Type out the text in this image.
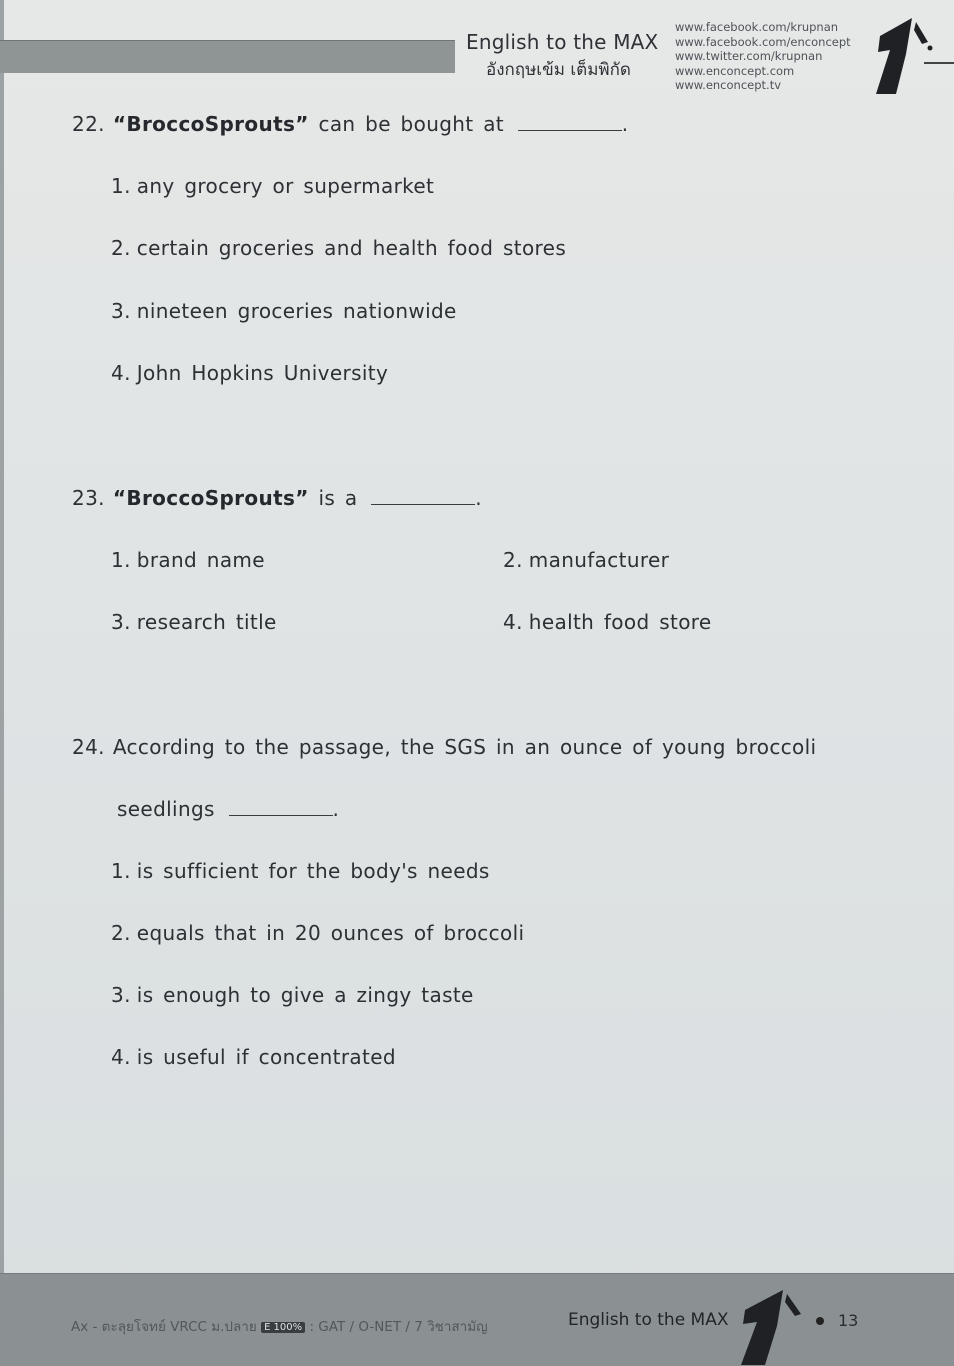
English to the MAX
อังกฤษเข้ม เต็มพิกัด
www.facebook.com/krupnan
www.facebook.com/enconcept
www.twitter.com/krupnan
www.enconcept.com
www.enconcept.tv
22. “BroccoSprouts” can be bought at	.
1. any grocery or supermarket
2. certain groceries and health food stores
3. nineteen groceries nationwide
4. John Hopkins University
23. “BroccoSprouts” is a	.
1. brand name	2. manufacturer
3. research title	4. health food store
24. According to the passage, the SGS in an ounce of young broccoli
seedlings	.
1. is sufficient for the body's needs
2. equals that in 20 ounces of broccoli
3. is enough to give a zingy taste
4. is useful if concentrated
Ax - ตะลุยโจทย์ VRCC ม.ปลาย E 100% : GAT / O-NET / 7 วิชาสามัญ	English to the MAX	13
